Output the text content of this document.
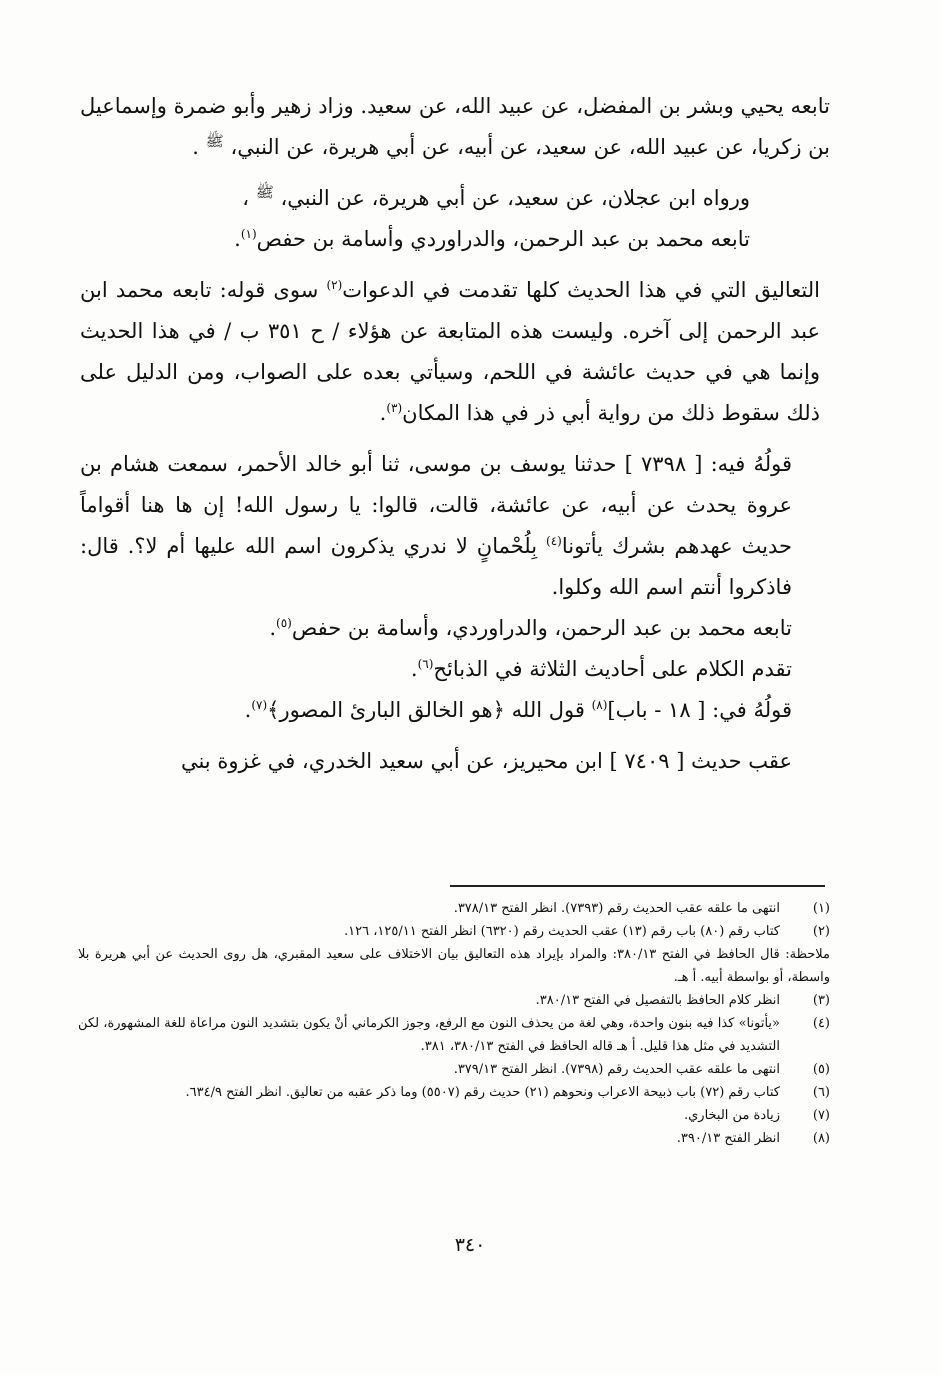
تابعه يحيي وبشر بن المفضل، عن عبيد الله، عن سعيد. وزاد زهير وأبو ضمرة وإسماعيل بن زكريا، عن عبيد الله، عن سعيد، عن أبيه، عن أبي هريرة، عن النبي، ﷺ .

ورواه ابن عجلان، عن سعيد، عن أبي هريرة، عن النبي، ﷺ ،

تابعه محمد بن عبد الرحمن، والدراوردي وأسامة بن حفص$^{(١)}$.

التعاليق التي في هذا الحديث كلها تقدمت في الدعوات$^{(٢)}$ سوى قوله: تابعه محمد ابن عبد الرحمن إلى آخره. وليست هذه المتابعة عن هؤلاء / ح ٣٥١ ب / في هذا الحديث وإنما هي في حديث عائشة في اللحم، وسيأتي بعده على الصواب، ومن الدليل على ذلك سقوط ذلك من رواية أبي ذر في هذا المكان$^{(٣)}$.

قولُهُ فيه: [ ٧٣٩٨ ] حدثنا يوسف بن موسى، ثنا أبو خالد الأحمر، سمعت هشام بن عروة يحدث عن أبيه، عن عائشة، قالت، قالوا: يا رسول الله! إن ها هنا أقواماً حديث عهدهم بشرك يأتونا$^{(٤)}$ بِلُحْمانٍ لا ندري يذكرون اسم الله عليها أم لا؟. قال: فاذكروا أنتم اسم الله وكلوا.

تابعه محمد بن عبد الرحمن، والدراوردي، وأسامة بن حفص$^{(٥)}$.

تقدم الكلام على أحاديث الثلاثة في الذبائح$^{(٦)}$.

قولُهُ في: [ ١٨ - باب]$^{(٨)}$ قول الله ﴿هو الخالق البارئ المصور﴾$^{(٧)}$.

عقب حديث [ ٧٤٠٩ ] ابن محيريز، عن أبي سعيد الخدري، في غزوة بني

(١)
انتهى ما علقه عقب الحديث رقم (٧٣٩٣). انظر الفتح ٣٧٨/١٣.
(٢)
كتاب رقم (٨٠) باب رقم (١٣) عقب الحديث رقم (٦٣٢٠) انظر الفتح ١٢٥/١١، ١٢٦.

ملاحظة: قال الحافظ في الفتح ٣٨٠/١٣: والمراد بإيراد هذه التعاليق بيان الاختلاف على سعيد المقبري، هل روى الحديث عن أبي هريرة بلا واسطة، أو بواسطة أبيه. أ هـ.

(٣)
انظر كلام الحافظ بالتفصيل في الفتح ٣٨٠/١٣.
(٤)
«يأتونا» كذا فيه بنون واحدة، وهي لغة من يحذف النون مع الرفع، وجوز الكرماني أنْ يكون بتشديد النون مراعاة للغة المشهورة، لكن التشديد في مثل هذا قليل. أ هـ قاله الحافظ في الفتح ٣٨٠/١٣، ٣٨١.
(٥)
انتهى ما علقه عقب الحديث رقم (٧٣٩٨). انظر الفتح ٣٧٩/١٣.
(٦)
كتاب رقم (٧٢) باب ذبيحة الاعراب ونحوهم (٢١) حديث رقم (٥٥٠٧) وما ذكر عقبه من تعاليق. انظر الفتح ٦٣٤/٩.
(٧)
زيادة من البخاري.
(٨)
انظر الفتح ٣٩٠/١٣.
٣٤٠
